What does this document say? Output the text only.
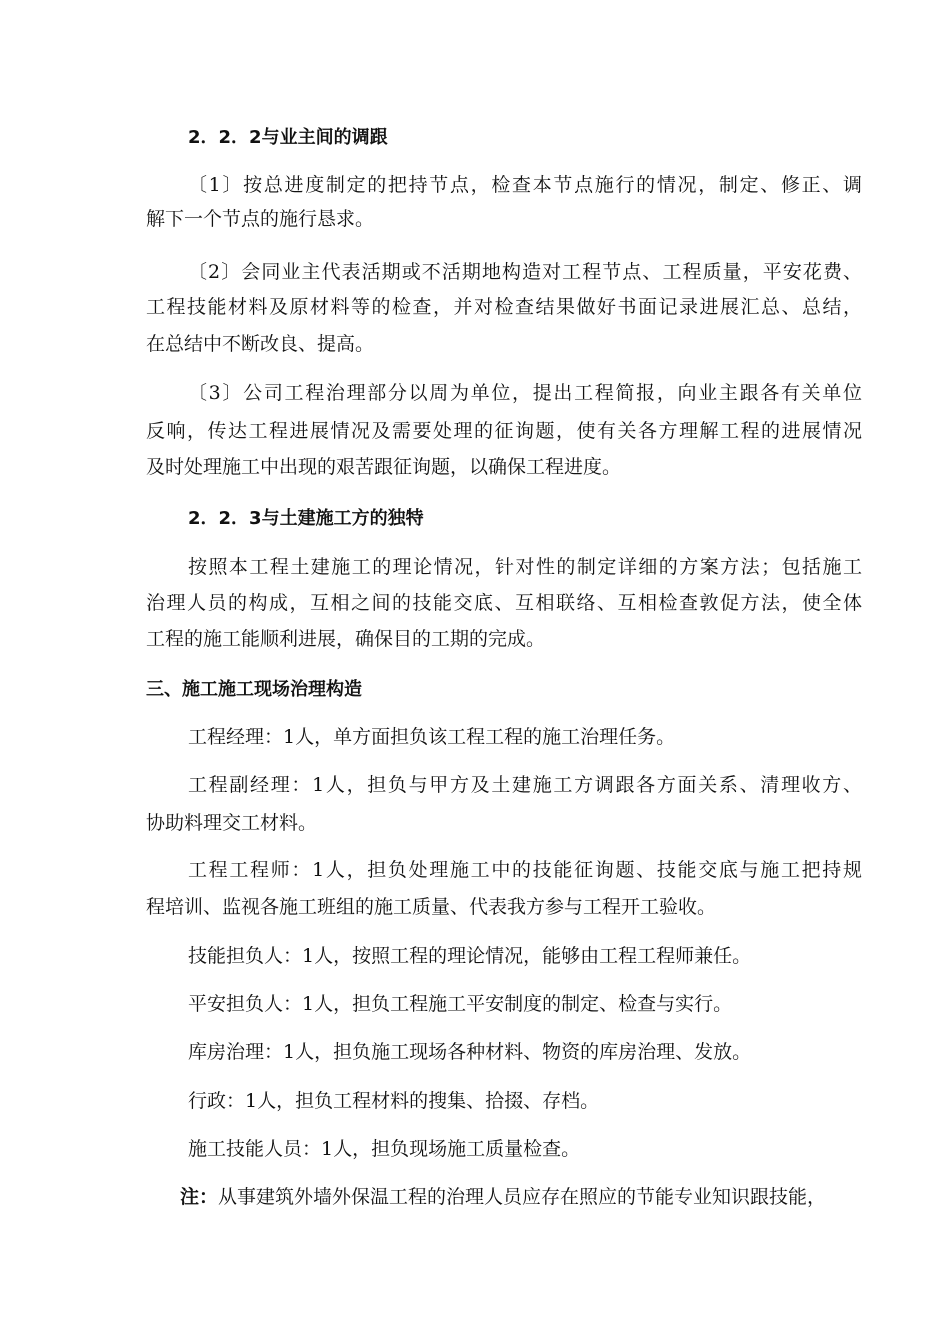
2．2．2与业主间的调跟
〔1〕按总进度制定的把持节点，检查本节点施行的情况，制定、修正、调
解下一个节点的施行恳求。
〔2〕会同业主代表活期或不活期地构造对工程节点、工程质量，平安花费、
工程技能材料及原材料等的检查，并对检查结果做好书面记录进展汇总、总结，
在总结中不断改良、提高。
〔3〕公司工程治理部分以周为单位，提出工程简报，向业主跟各有关单位
反响，传达工程进展情况及需要处理的征询题，使有关各方理解工程的进展情况
及时处理施工中出现的艰苦跟征询题，以确保工程进度。
2．2．3与土建施工方的独特
按照本工程土建施工的理论情况，针对性的制定详细的方案方法；包括施工
治理人员的构成，互相之间的技能交底、互相联络、互相检查敦促方法，使全体
工程的施工能顺利进展，确保目的工期的完成。
三、施工施工现场治理构造
工程经理：1人，单方面担负该工程工程的施工治理任务。
工程副经理：1人，担负与甲方及土建施工方调跟各方面关系、清理收方、
协助料理交工材料。
工程工程师：1人，担负处理施工中的技能征询题、技能交底与施工把持规
程培训、监视各施工班组的施工质量、代表我方参与工程开工验收。
技能担负人：1人，按照工程的理论情况，能够由工程工程师兼任。
平安担负人：1人，担负工程施工平安制度的制定、检查与实行。
库房治理：1人，担负施工现场各种材料、物资的库房治理、发放。
行政：1人，担负工程材料的搜集、拾掇、存档。
施工技能人员：1人，担负现场施工质量检查。
注：从事建筑外墙外保温工程的治理人员应存在照应的节能专业知识跟技能，
